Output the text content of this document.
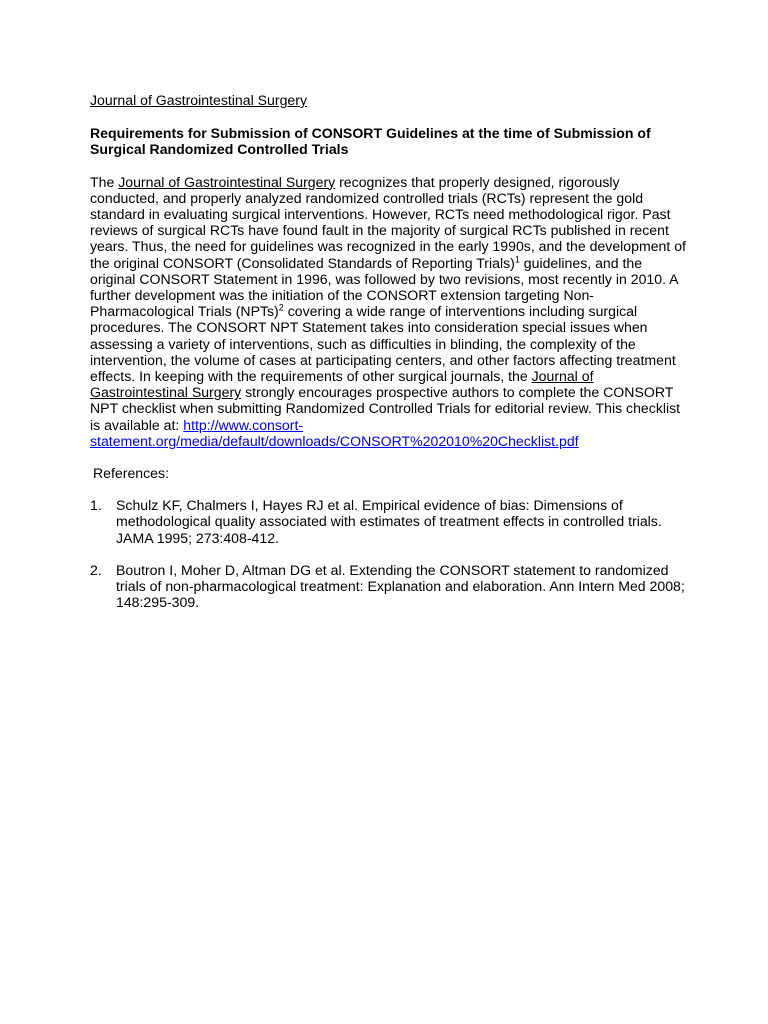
Journal of Gastrointestinal Surgery
Requirements for Submission of CONSORT Guidelines at the time of Submission of Surgical Randomized Controlled Trials
The Journal of Gastrointestinal Surgery recognizes that properly designed, rigorously conducted, and properly analyzed randomized controlled trials (RCTs) represent the gold standard in evaluating surgical interventions. However, RCTs need methodological rigor. Past reviews of surgical RCTs have found fault in the majority of surgical RCTs published in recent years. Thus, the need for guidelines was recognized in the early 1990s, and the development of the original CONSORT (Consolidated Standards of Reporting Trials)$^1$ guidelines, and the original CONSORT Statement in 1996, was followed by two revisions, most recently in 2010. A further development was the initiation of the CONSORT extension targeting Non-Pharmacological Trials (NPTs)$^2$ covering a wide range of interventions including surgical procedures. The CONSORT NPT Statement takes into consideration special issues when assessing a variety of interventions, such as difficulties in blinding, the complexity of the intervention, the volume of cases at participating centers, and other factors affecting treatment effects. In keeping with the requirements of other surgical journals, the Journal of Gastrointestinal Surgery strongly encourages prospective authors to complete the CONSORT NPT checklist when submitting Randomized Controlled Trials for editorial review. This checklist is available at: http://www.consort-statement.org/media/default/downloads/CONSORT%202010%20Checklist.pdf
References:
1.	Schulz KF, Chalmers I, Hayes RJ et al. Empirical evidence of bias: Dimensions of methodological quality associated with estimates of treatment effects in controlled trials. JAMA 1995; 273:408-412.
2.	Boutron I, Moher D, Altman DG et al. Extending the CONSORT statement to randomized trials of non-pharmacological treatment: Explanation and elaboration. Ann Intern Med 2008; 148:295-309.
